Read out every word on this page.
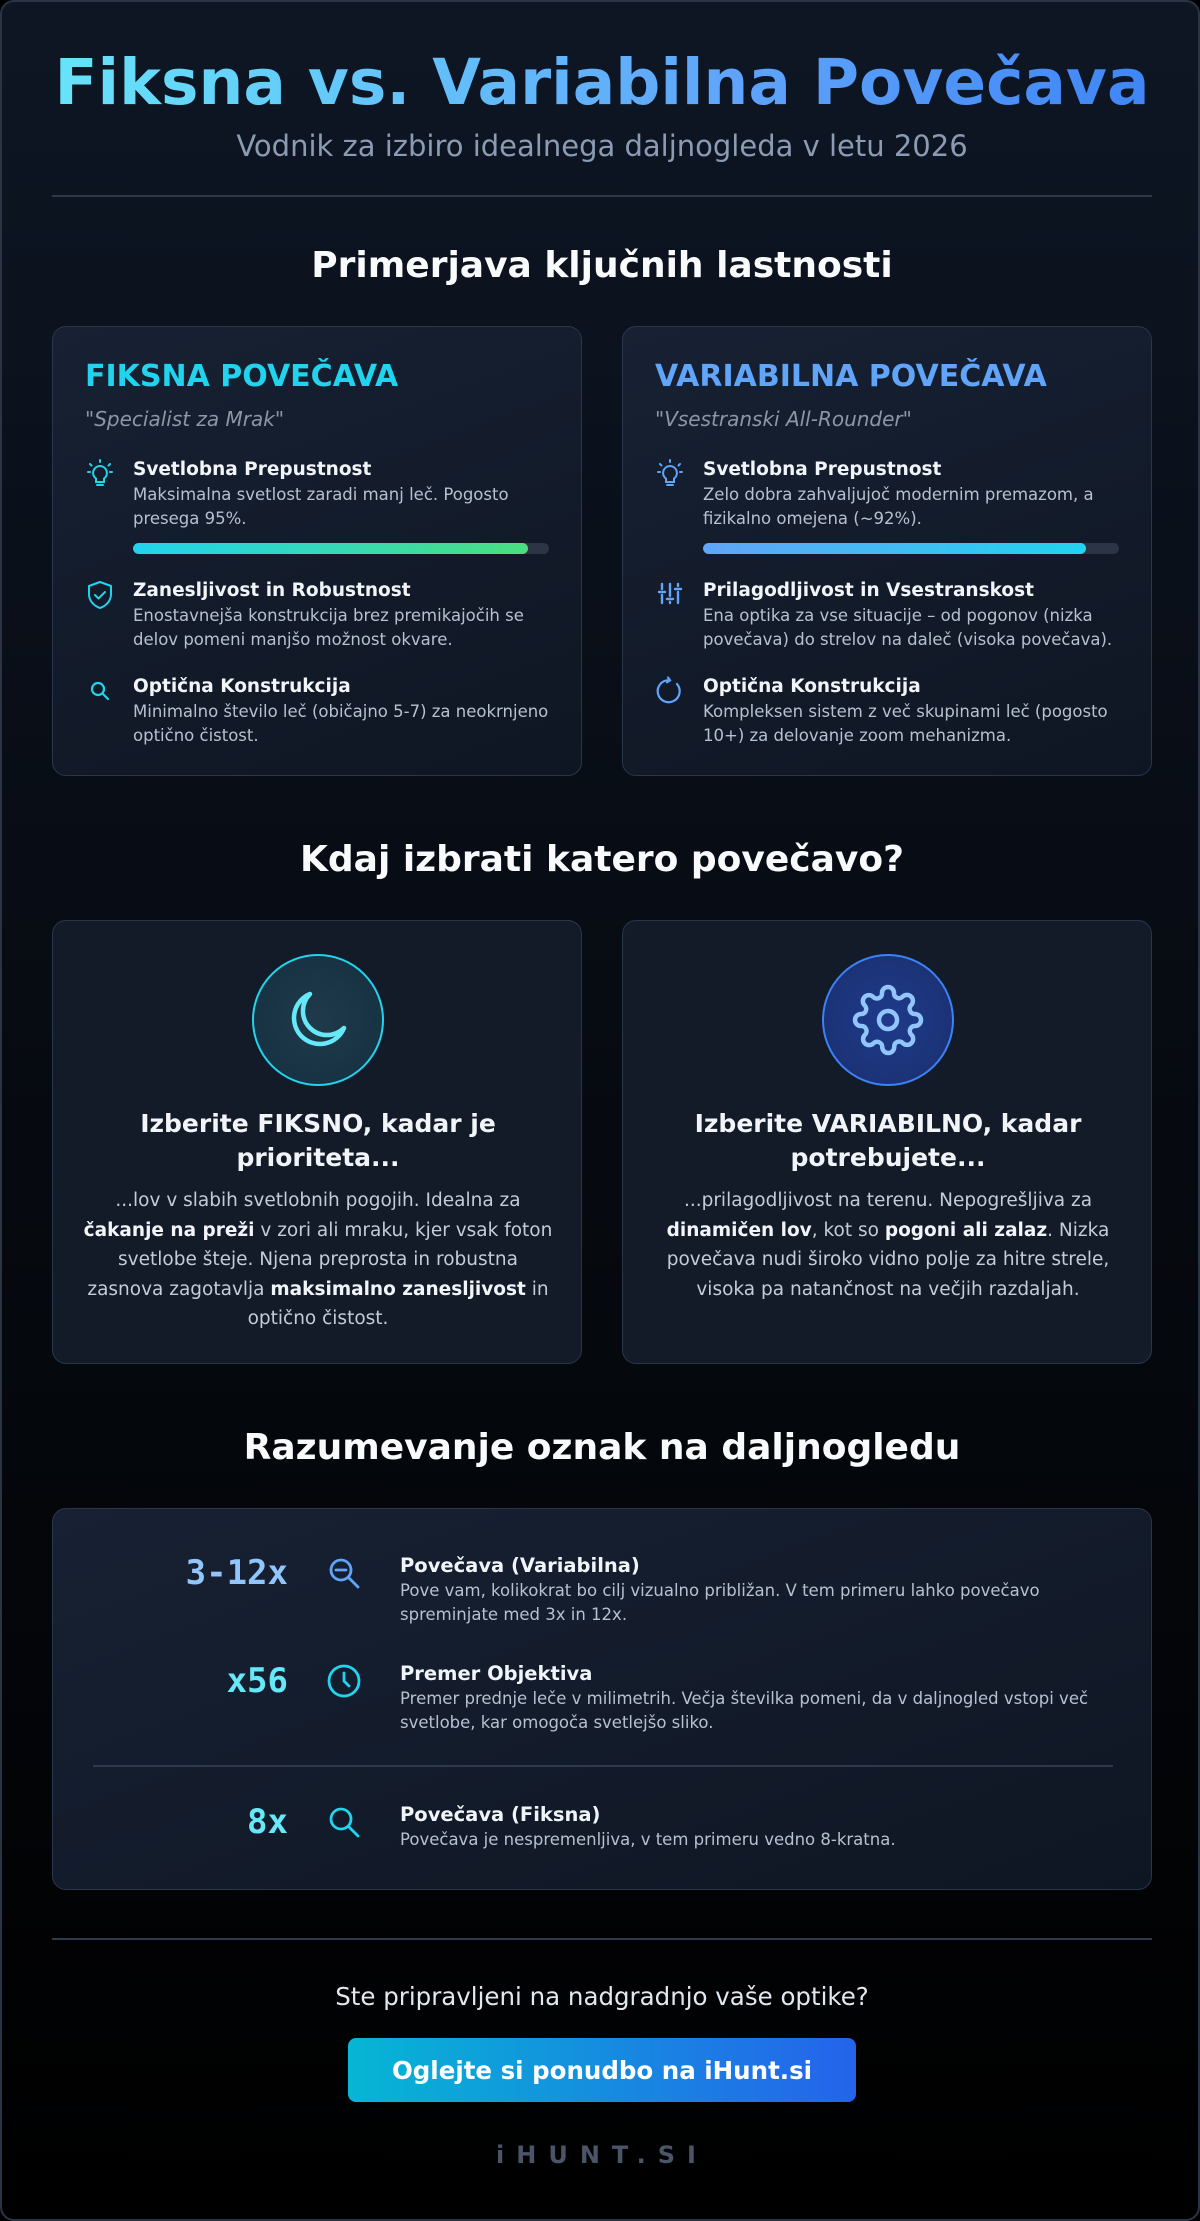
Fiksna vs. Variabilna Povečava
Vodnik za izbiro idealnega daljnogleda v letu 2026
Primerjava ključnih lastnosti
FIKSNA POVEČAVA
"Specialist za Mrak"
Svetlobna Prepustnost

Maksimalna svetlost zaradi manj leč. Pogosto presega 95%.

Zanesljivost in Robustnost

Enostavnejša konstrukcija brez premikajočih se delov pomeni manjšo možnost okvare.

Optična Konstrukcija

Minimalno število leč (običajno 5-7) za neokrnjeno optično čistost.

VARIABILNA POVEČAVA
"Vsestranski All-Rounder"
Svetlobna Prepustnost

Zelo dobra zahvaljujoč modernim premazom, a fizikalno omejena (~92%).

Prilagodljivost in Vsestranskost

Ena optika za vse situacije – od pogonov (nizka povečava) do strelov na daleč (visoka povečava).

Optična Konstrukcija

Kompleksen sistem z več skupinami leč (pogosto 10+) za delovanje zoom mehanizma.

Kdaj izbrati katero povečavo?
Izberite FIKSNO, kadar je prioriteta...
...lov v slabih svetlobnih pogojih. Idealna za čakanje na preži v zori ali mraku, kjer vsak foton svetlobe šteje. Njena preprosta in robustna zasnova zagotavlja maksimalno zanesljivost in optično čistost.
Izberite VARIABILNO, kadar potrebujete...
...prilagodljivost na terenu. Nepogrešljiva za dinamičen lov, kot so pogoni ali zalaz. Nizka povečava nudi široko vidno polje za hitre strele, visoka pa natančnost na večjih razdaljah.
Razumevanje oznak na daljnogledu
3-12x	Povečava (Variabilna)

Pove vam, kolikokrat bo cilj vizualno približan. V tem primeru lahko povečavo spreminjate med 3x in 12x.

x56	Premer Objektiva

Premer prednje leče v milimetrih. Večja številka pomeni, da v daljnogled vstopi več svetlobe, kar omogoča svetlejšo sliko.

8x	Povečava (Fiksna)

Povečava je nespremenljiva, v tem primeru vedno 8-kratna.

Ste pripravljeni na nadgradnjo vaše optike?
Oglejte si ponudbo na iHunt.si
iHUNT.SI
